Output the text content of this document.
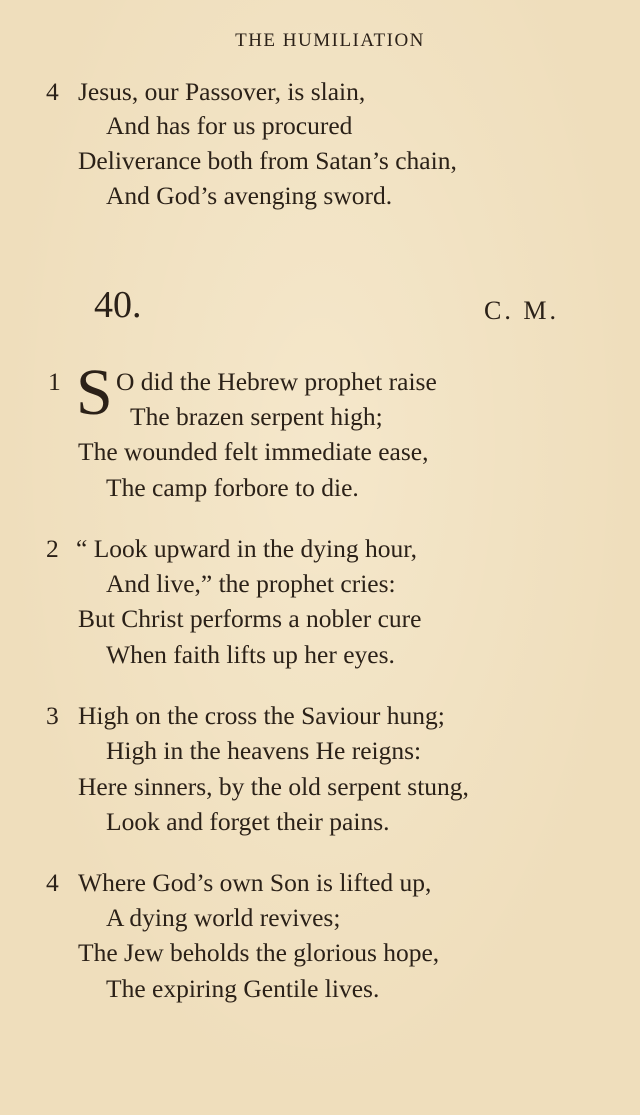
THE HUMILIATION
4 Jesus, our Passover, is slain,
And has for us procured
Deliverance both from Satan’s chain,
And God’s avenging sword.
40.	C. M.
1 S O did the Hebrew prophet raise
The brazen serpent high;
The wounded felt immediate ease,
The camp forbore to die.
2 “ Look upward in the dying hour,
And live,” the prophet cries:
But Christ performs a nobler cure
When faith lifts up her eyes.
3 High on the cross the Saviour hung;
High in the heavens He reigns:
Here sinners, by the old serpent stung,
Look and forget their pains.
4 Where God’s own Son is lifted up,
A dying world revives;
The Jew beholds the glorious hope,
The expiring Gentile lives.
